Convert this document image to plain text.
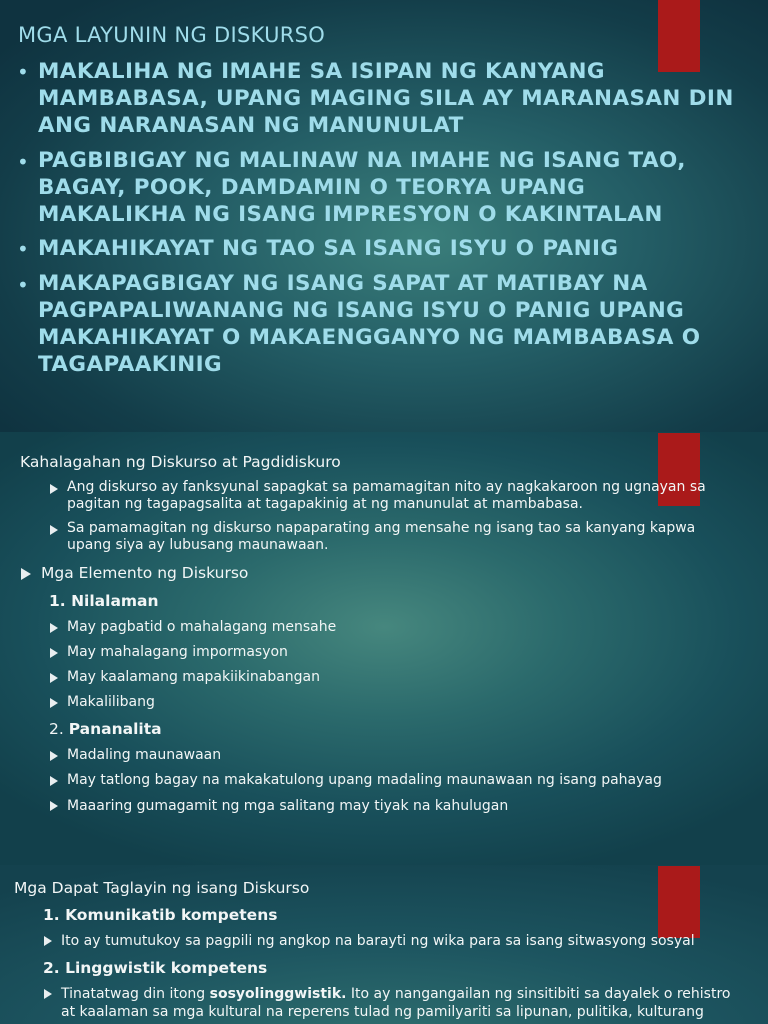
MGA LAYUNIN NG DISKURSO
• MAKALIHA NG IMAHE SA ISIPAN NG KANYANG
MAMBABASA, UPANG MAGING SILA AY MARANASAN DIN
ANG NARANASAN NG MANUNULAT
• PAGBIBIGAY NG MALINAW NA IMAHE NG ISANG TAO,
BAGAY, POOK, DAMDAMIN O TEORYA UPANG
MAKALIKHA NG ISANG IMPRESYON O KAKINTALAN
• MAKAHIKAYAT NG TAO SA ISANG ISYU O PANIG
• MAKAPAGBIGAY NG ISANG SAPAT AT MATIBAY NA
PAGPAPALIWANANG NG ISANG ISYU O PANIG UPANG
MAKAHIKAYAT O MAKAENGGANYO NG MAMBABASA O
TAGAPAAKINIG
Kahalagahan ng Diskurso at Pagdidiskuro
Ang diskurso ay fanksyunal sapagkat sa pamamagitan nito ay nagkakaroon ng ugnayan sa
pagitan ng tagapagsalita at tagapakinig at ng manunulat at mambabasa.
Sa pamamagitan ng diskurso napaparating ang mensahe ng isang tao sa kanyang kapwa
upang siya ay lubusang maunawaan.
Mga Elemento ng Diskurso
1. Nilalaman
May pagbatid o mahalagang mensahe
May mahalagang impormasyon
May kaalamang mapakiikinabangan
Makalilibang
2. Pananalita
Madaling maunawaan
May tatlong bagay na makakatulong upang madaling maunawaan ng isang pahayag
Maaaring gumagamit ng mga salitang may tiyak na kahulugan
Mga Dapat Taglayin ng isang Diskurso
1. Komunikatib kompetens
Ito ay tumutukoy sa pagpili ng angkop na barayti ng wika para sa isang sitwasyong sosyal
2. Linggwistik kompetens
Tinatatwag din itong sosyolinggwistik. Ito ay nangangailan ng sinsitibiti sa dayalek o rehistro
at kaalaman sa mga kultural na reperens tulad ng pamilyariti sa lipunan, pulitika, kulturang
